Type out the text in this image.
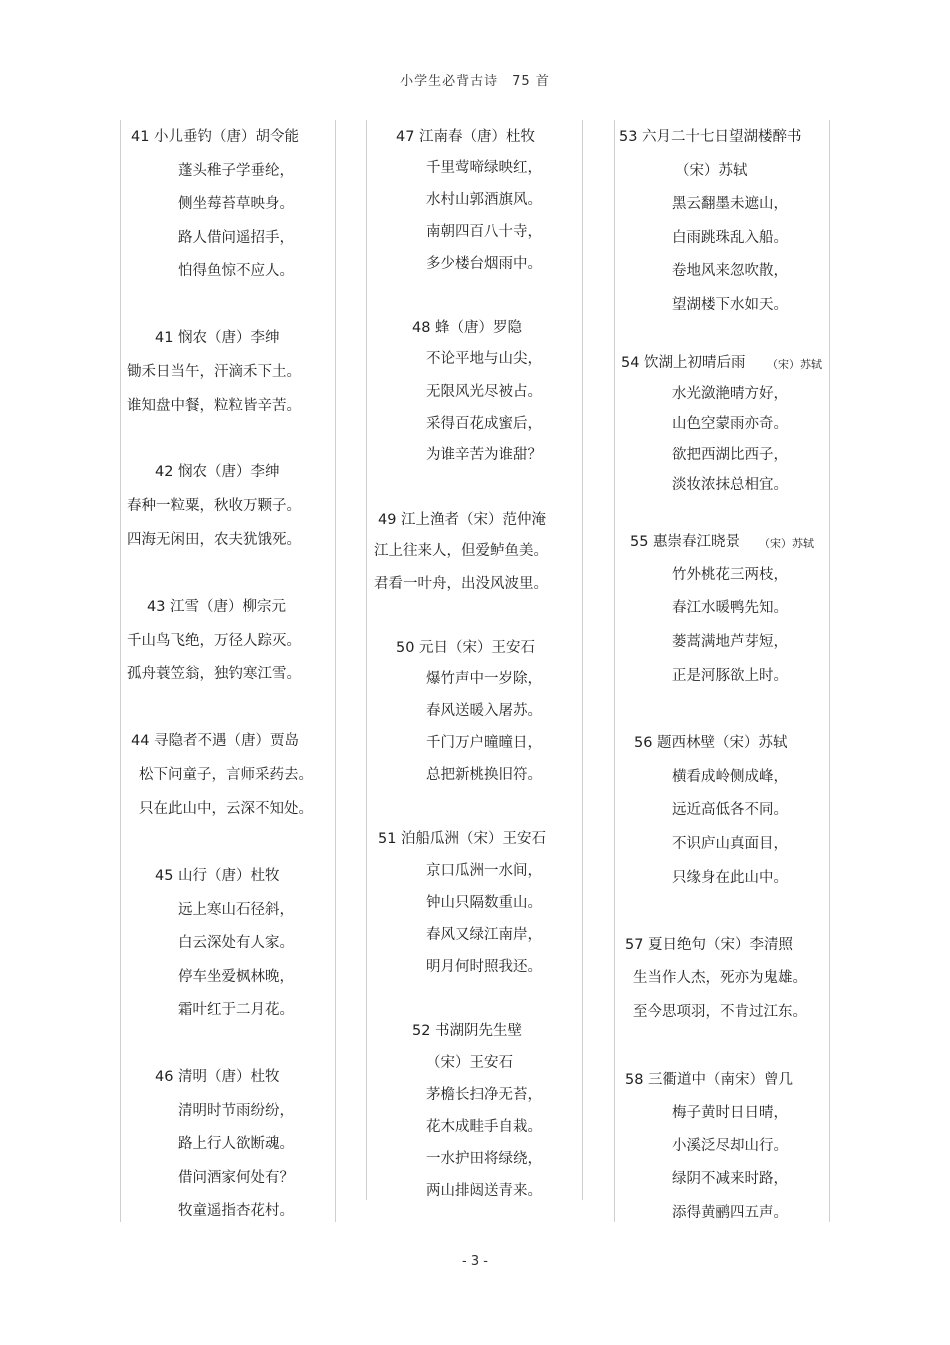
小学生必背古诗　75 首
41 小儿垂钓（唐）胡令能
蓬头稚子学垂纶，
侧坐莓苔草映身。
路人借问遥招手，
怕得鱼惊不应人。
41 悯农（唐）李绅
锄禾日当午，汗滴禾下土。
谁知盘中餐，粒粒皆辛苦。
42 悯农（唐）李绅
春种一粒粟，秋收万颗子。
四海无闲田，农夫犹饿死。
43 江雪（唐）柳宗元
千山鸟飞绝，万径人踪灭。
孤舟蓑笠翁，独钓寒江雪。
44 寻隐者不遇（唐）贾岛
松下问童子，言师采药去。
只在此山中，云深不知处。
45 山行（唐）杜牧
远上寒山石径斜，
白云深处有人家。
停车坐爱枫林晚，
霜叶红于二月花。
46 清明（唐）杜牧
清明时节雨纷纷，
路上行人欲断魂。
借问酒家何处有？
牧童遥指杏花村。
47 江南春（唐）杜牧
千里莺啼绿映红，
水村山郭酒旗风。
南朝四百八十寺，
多少楼台烟雨中。
48 蜂（唐）罗隐
不论平地与山尖，
无限风光尽被占。
采得百花成蜜后，
为谁辛苦为谁甜？
49 江上渔者（宋）范仲淹
江上往来人，但爱鲈鱼美。
君看一叶舟，出没风波里。
50 元日（宋）王安石
爆竹声中一岁除，
春风送暖入屠苏。
千门万户曈曈日，
总把新桃换旧符。
51 泊船瓜洲（宋）王安石
京口瓜洲一水间，
钟山只隔数重山。
春风又绿江南岸，
明月何时照我还。
52 书湖阴先生壁
（宋）王安石
茅檐长扫净无苔，
花木成畦手自栽。
一水护田将绿绕，
两山排闼送青来。
53 六月二十七日望湖楼醉书
（宋）苏轼
黑云翻墨未遮山，
白雨跳珠乱入船。
卷地风来忽吹散，
望湖楼下水如天。
54 饮湖上初晴后雨 （宋）苏轼
水光潋滟晴方好，
山色空蒙雨亦奇。
欲把西湖比西子，
淡妆浓抹总相宜。
55 惠崇春江晓景 （宋）苏轼
竹外桃花三两枝，
春江水暖鸭先知。
蒌蒿满地芦芽短，
正是河豚欲上时。
56 题西林壁（宋）苏轼
横看成岭侧成峰，
远近高低各不同。
不识庐山真面目，
只缘身在此山中。
57 夏日绝句（宋）李清照
生当作人杰，死亦为鬼雄。
至今思项羽，不肯过江东。
58 三衢道中（南宋）曾几
梅子黄时日日晴，
小溪泛尽却山行。
绿阴不减来时路，
添得黄鹂四五声。
- 3 -
